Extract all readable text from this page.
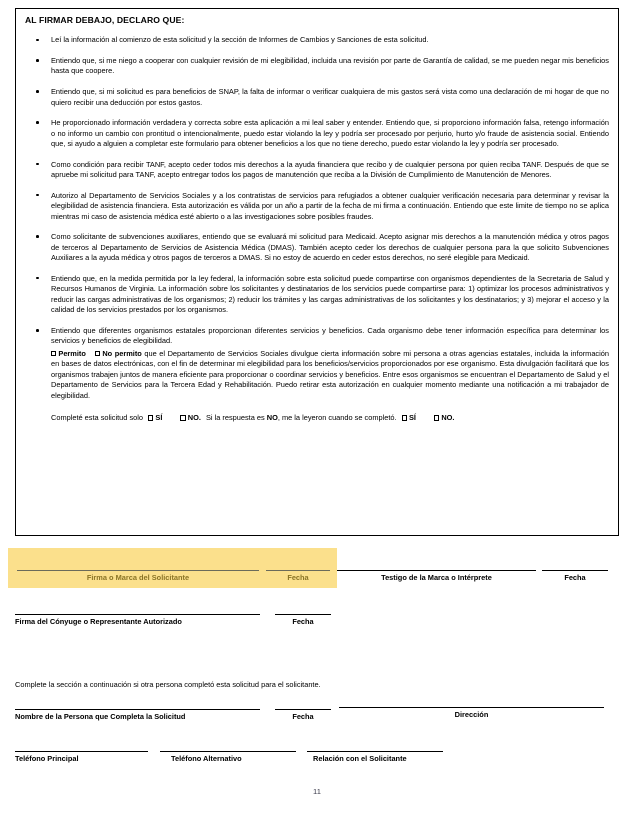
AL FIRMAR DEBAJO, DECLARO QUE:
Leí la información al comienzo de esta solicitud y la sección de Informes de Cambios y Sanciones de esta solicitud.
Entiendo que, si me niego a cooperar con cualquier revisión de mi elegibilidad, incluida una revisión por parte de Garantía de calidad, se me pueden negar mis beneficios hasta que coopere.
Entiendo que, si mi solicitud es para beneficios de SNAP, la falta de informar o verificar cualquiera de mis gastos será vista como una declaración de mi hogar de que no quiero recibir una deducción por estos gastos.
He proporcionado información verdadera y correcta sobre esta aplicación a mi leal saber y entender. Entiendo que, si proporciono información falsa, retengo información o no informo un cambio con prontitud o intencionalmente, puedo estar violando la ley y podría ser procesado por perjurio, hurto y/o fraude de asistencia social. Entiendo que, si ayudo a alguien a completar este formulario para obtener beneficios a los que no tiene derecho, puedo estar violando la ley y podría ser procesado.
Como condición para recibir TANF, acepto ceder todos mis derechos a la ayuda financiera que recibo y de cualquier persona por quien reciba TANF. Después de que se apruebe mi solicitud para TANF, acepto entregar todos los pagos de manutención que reciba a la División de Cumplimiento de Manutención de Menores.
Autorizo al Departamento de Servicios Sociales y a los contratistas de servicios para refugiados a obtener cualquier verificación necesaria para determinar y revisar la elegibilidad de asistencia financiera. Esta autorización es válida por un año a partir de la fecha de mi firma a continuación. Entiendo que este limite de tiempo no se aplica mientras mi caso de asistencia médica esté abierto o a las investigaciones sobre posibles fraudes.
Como solicitante de subvenciones auxiliares, entiendo que se evaluará mi solicitud para Medicaid. Acepto asignar mis derechos a la manutención médica y otros pagos de terceros al Departamento de Servicios de Asistencia Médica (DMAS). También acepto ceder los derechos de cualquier persona para la que solicito Subvenciones Auxiliares a la ayuda médica y otros pagos de terceros a DMAS. Si no estoy de acuerdo en ceder estos derechos, no seré elegible para Medicaid.
Entiendo que, en la medida permitida por la ley federal, la información sobre esta solicitud puede compartirse con organismos dependientes de la Secretaria de Salud y Recursos Humanos de Virginia. La información sobre los solicitantes y destinatarios de los servicios puede compartirse para: 1) optimizar los procesos administrativos y reducir las cargas administrativas de los organismos; 2) reducir los trámites y las cargas administrativas de los solicitantes y los destinatarios; y 3) mejorar el acceso y la calidad de los servicios prestados por los organismos.
Entiendo que diferentes organismos estatales proporcionan diferentes servicios y beneficios. Cada organismo debe tener información específica para determinar los servicios y beneficios de elegibilidad.
Permito No permito que el Departamento de Servicios Sociales divulgue cierta información sobre mi persona a otras agencias estatales, incluida la información en bases de datos electrónicas, con el fin de determinar mi elegibilidad para los beneficios/servicios proporcionados por ese organismo. Esta divulgación facilitará que los organismos trabajen juntos de manera eficiente para proporcionar o coordinar servicios y beneficios. Entre esos organismos se encuentran el Departamento de Salud y el Departamento de Servicios para la Tercera Edad y Rehabilitación. Puedo retirar esta autorización en cualquier momento mediante una notificación a mi trabajador de elegibilidad.
Completé esta solicitud solo SÍ	NO. Si la respuesta es NO, me la leyeron cuando se completó. SÍ	NO.
Firma o Marca del Solicitante	Fecha	Testigo de la Marca o Intérprete	Fecha
Firma del Cónyuge o Representante Autorizado	Fecha
Complete la sección a continuación si otra persona completó esta solicitud para el solicitante.
Nombre de la Persona que Completa la Solicitud	Fecha	Dirección
Teléfono Principal	Teléfono Alternativo	Relación con el Solicitante
11
